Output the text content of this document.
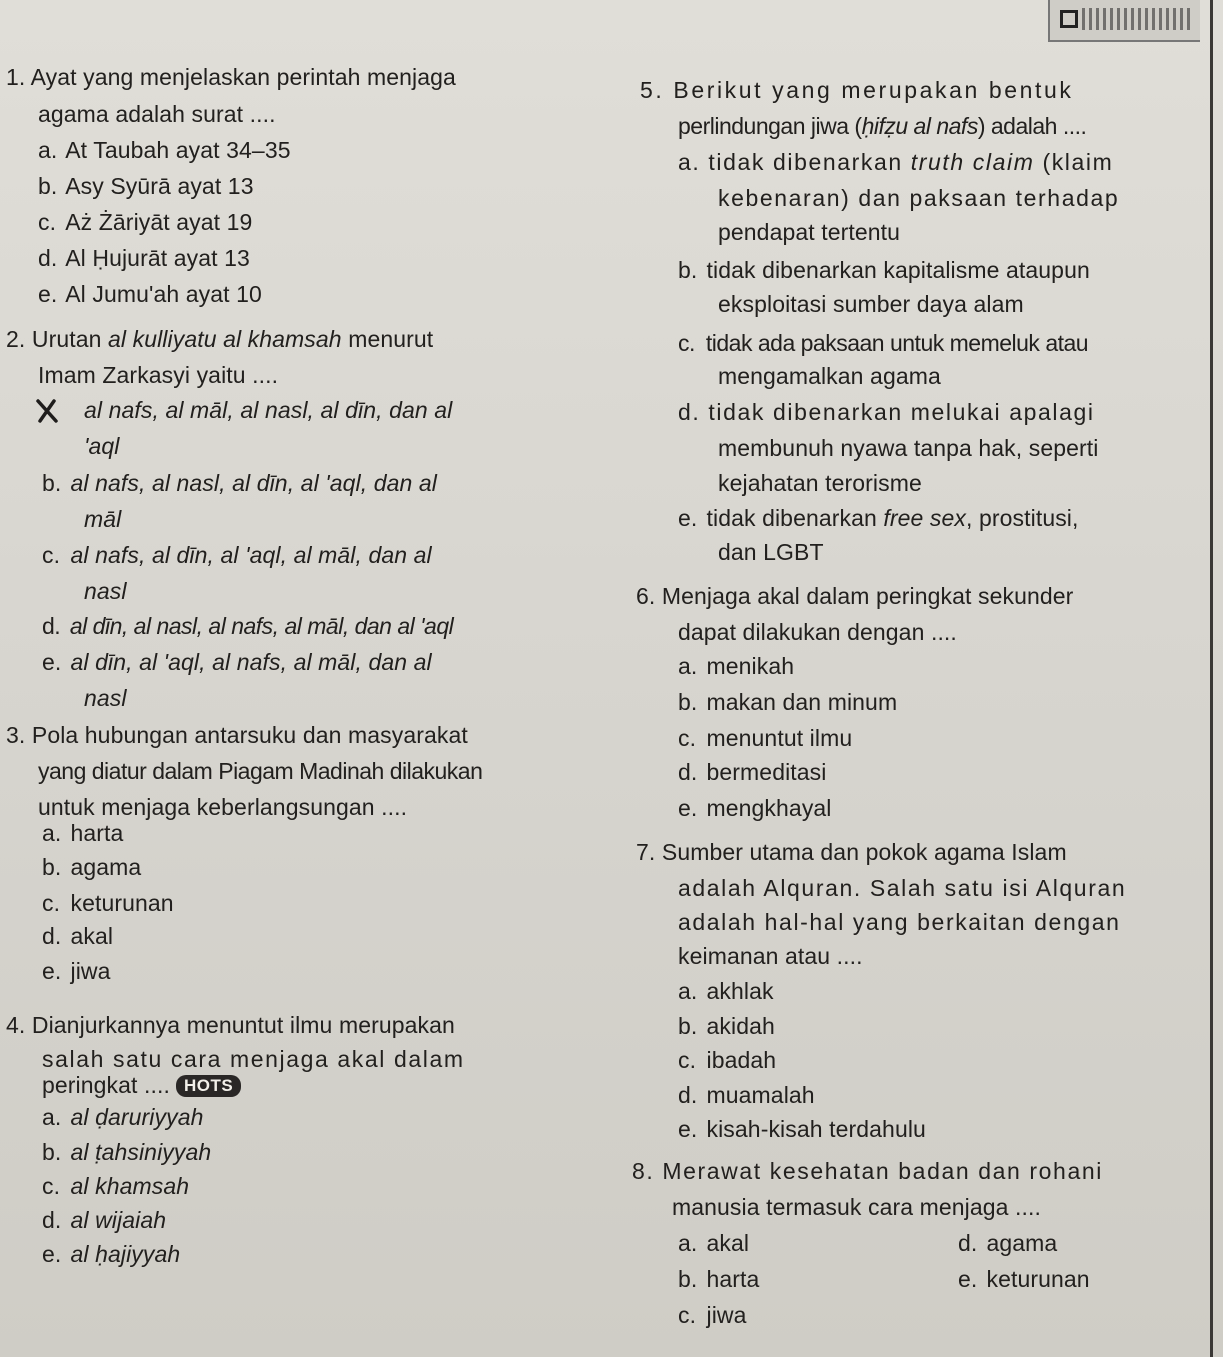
1. Ayat yang menjelaskan perintah menjaga
agama adalah surat ....
a. At Taubah ayat 34–35
b. Asy Syūrā ayat 13
c. Aż Żāriyāt ayat 19
d. Al Ḥujurāt ayat 13
e. Al Jumu'ah ayat 10
2. Urutan al kulliyatu al khamsah menurut
Imam Zarkasyi yaitu ....
al nafs, al māl, al nasl, al dīn, dan al
'aql
b. al nafs, al nasl, al dīn, al 'aql, dan al
māl
c. al nafs, al dīn, al 'aql, al māl, dan al
nasl
d. al dīn, al nasl, al nafs, al māl, dan al 'aql
e. al dīn, al 'aql, al nafs, al māl, dan al
nasl
3. Pola hubungan antarsuku dan masyarakat
yang diatur dalam Piagam Madinah dilakukan
untuk menjaga keberlangsungan ....
a. harta
b. agama
c. keturunan
d. akal
e. jiwa
4. Dianjurkannya menuntut ilmu merupakan
salah satu cara menjaga akal dalam
peringkat .... HOTS
a. al ḍaruriyyah
b. al ṭahsiniyyah
c. al khamsah
d. al wijaiah
e. al ḥajiyyah
5. Berikut yang merupakan bentuk
perlindungan jiwa (ḥifẓu al nafs) adalah ....
a. tidak dibenarkan truth claim (klaim
kebenaran) dan paksaan terhadap
pendapat tertentu
b. tidak dibenarkan kapitalisme ataupun
eksploitasi sumber daya alam
c. tidak ada paksaan untuk memeluk atau
mengamalkan agama
d. tidak dibenarkan melukai apalagi
membunuh nyawa tanpa hak, seperti
kejahatan terorisme
e. tidak dibenarkan free sex, prostitusi,
dan LGBT
6. Menjaga akal dalam peringkat sekunder
dapat dilakukan dengan ....
a. menikah
b. makan dan minum
c. menuntut ilmu
d. bermeditasi
e. mengkhayal
7. Sumber utama dan pokok agama Islam
adalah Alquran. Salah satu isi Alquran
adalah hal-hal yang berkaitan dengan
keimanan atau ....
a. akhlak
b. akidah
c. ibadah
d. muamalah
e. kisah-kisah terdahulu
8. Merawat kesehatan badan dan rohani
manusia termasuk cara menjaga ....
a. akal
b. harta
c. jiwa
d. agama
e. keturunan
